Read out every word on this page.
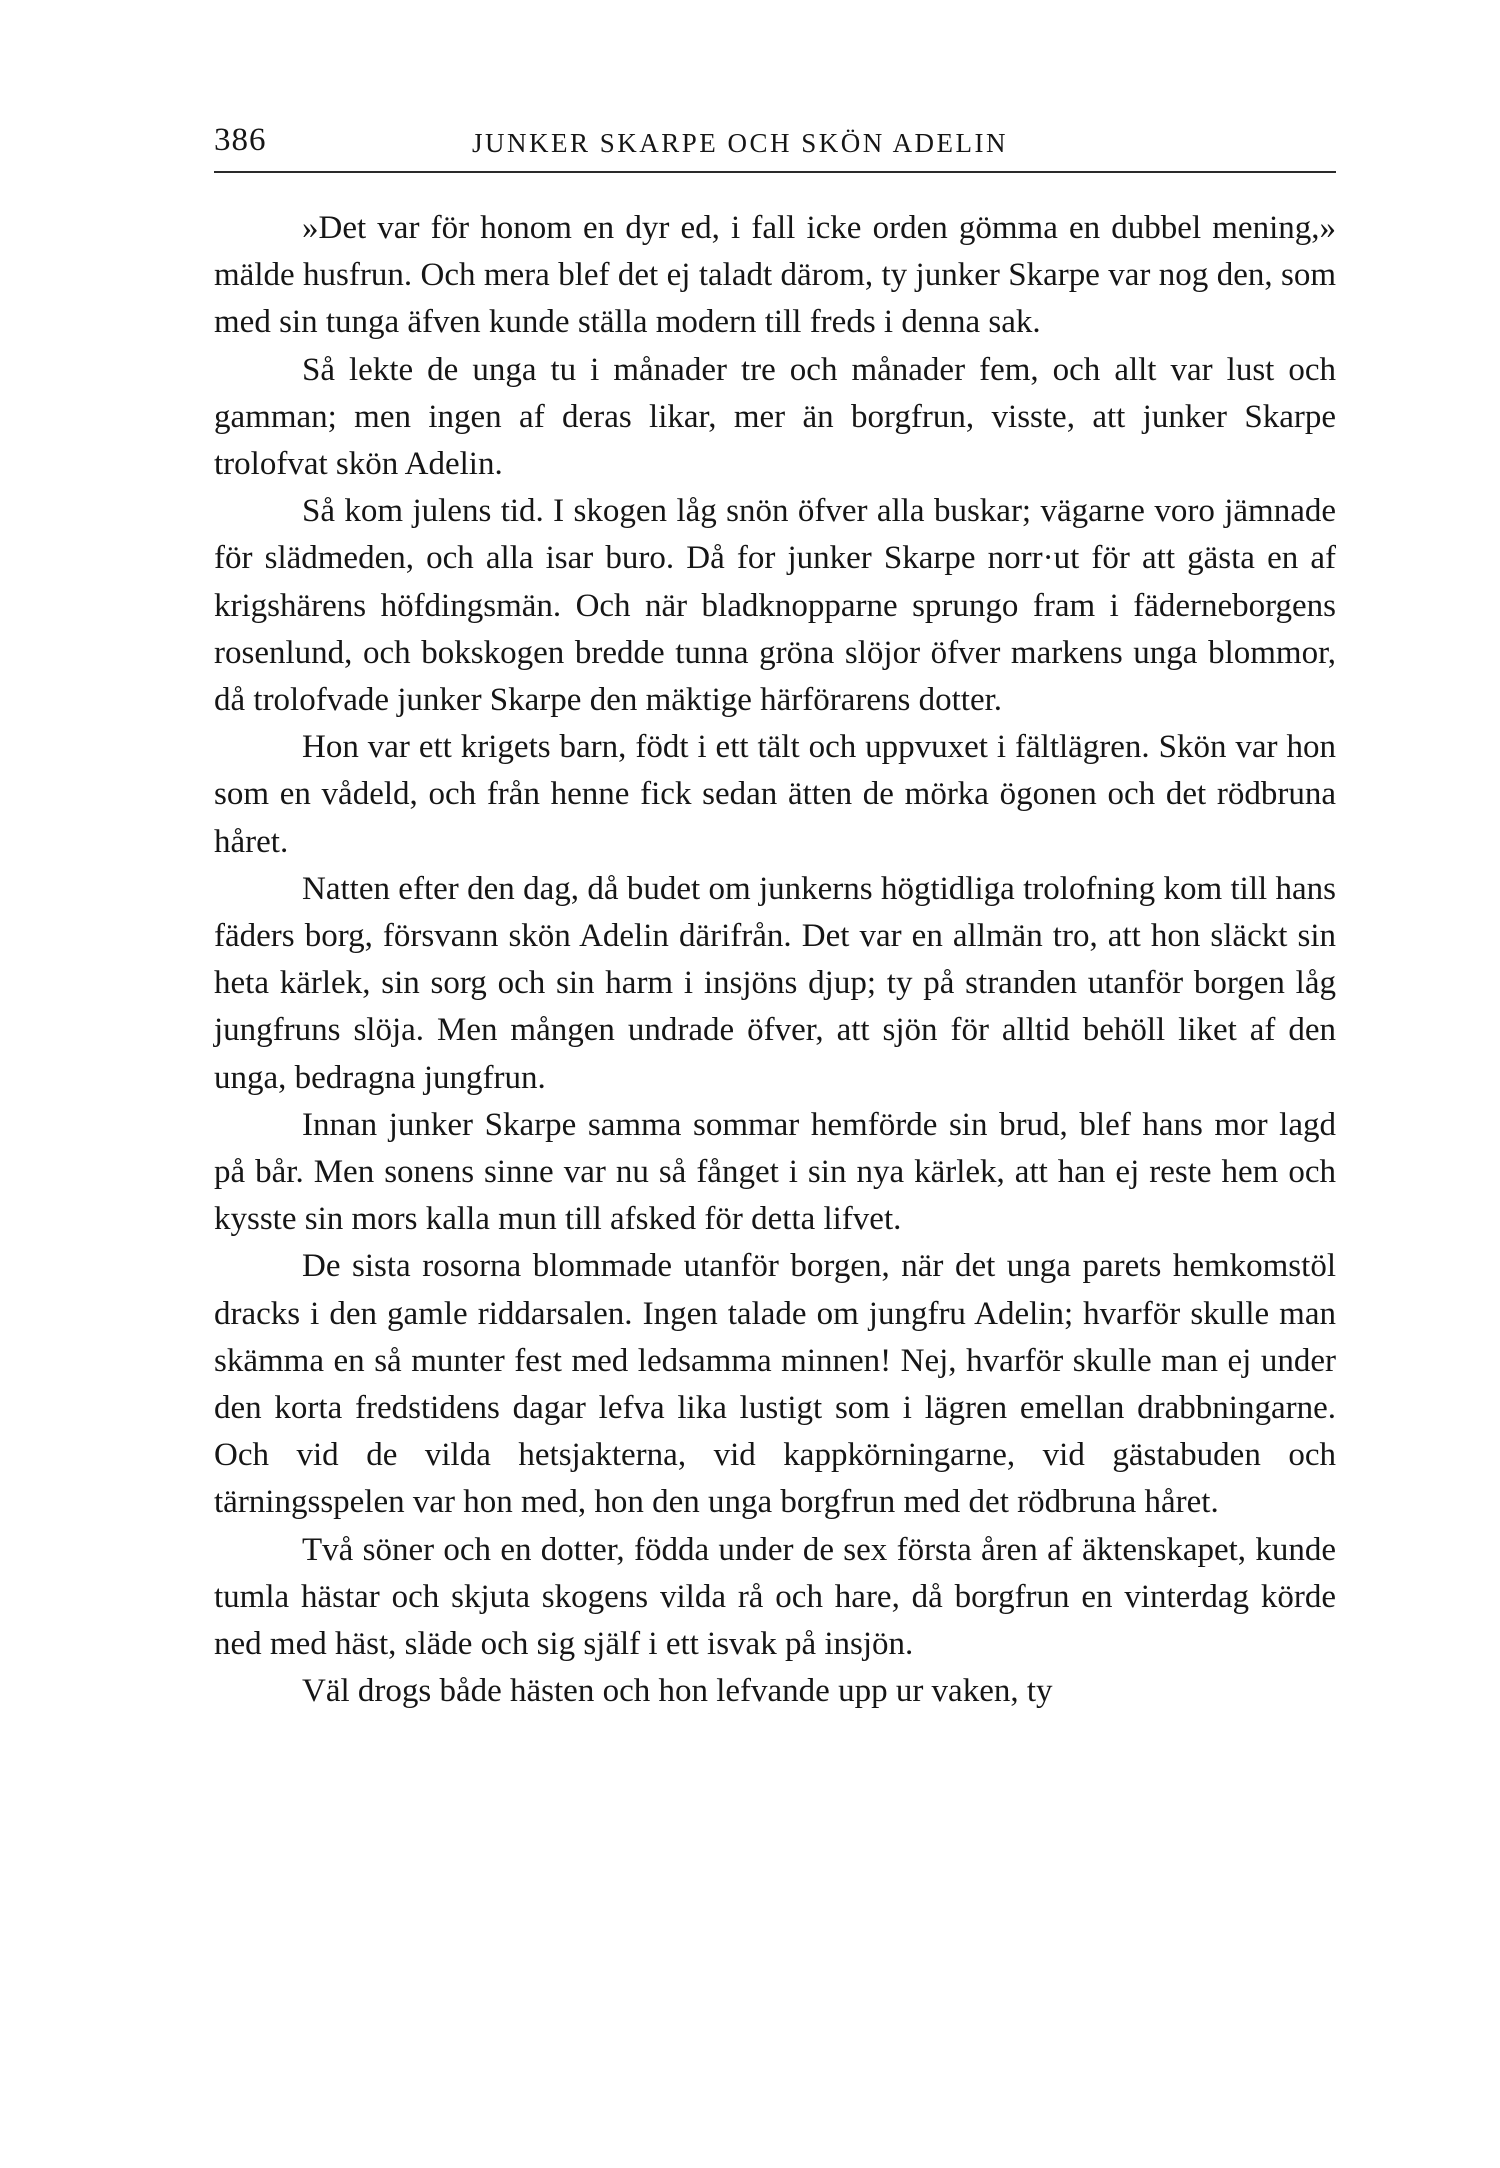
386	JUNKER SKARPE OCH SKÖN ADELIN

»Det var för honom en dyr ed, i fall icke orden gömma en dubbel mening,» mälde husfrun. Och mera blef det ej taladt därom, ty junker Skarpe var nog den, som med sin tunga äfven kunde ställa modern till freds i denna sak.

Så lekte de unga tu i månader tre och månader fem, och allt var lust och gamman; men ingen af deras likar, mer än borgfrun, visste, att junker Skarpe trolofvat skön Adelin.

Så kom julens tid. I skogen låg snön öfver alla buskar; vägarne voro jämnade för slädmeden, och alla isar buro. Då for junker Skarpe norr·ut för att gästa en af krigshärens höfdingsmän. Och när bladknopparne sprungo fram i fäderneborgens rosenlund, och bokskogen bredde tunna gröna slöjor öfver markens unga blommor, då trolofvade junker Skarpe den mäktige härförarens dotter.

Hon var ett krigets barn, födt i ett tält och uppvuxet i fältlägren. Skön var hon som en vådeld, och från henne fick sedan ätten de mörka ögonen och det rödbruna håret.

Natten efter den dag, då budet om junkerns högtidliga trolofning kom till hans fäders borg, försvann skön Adelin därifrån. Det var en allmän tro, att hon släckt sin heta kärlek, sin sorg och sin harm i insjöns djup; ty på stranden utanför borgen låg jungfruns slöja. Men mången undrade öfver, att sjön för alltid behöll liket af den unga, bedragna jungfrun.

Innan junker Skarpe samma sommar hemförde sin brud, blef hans mor lagd på bår. Men sonens sinne var nu så fånget i sin nya kärlek, att han ej reste hem och kysste sin mors kalla mun till afsked för detta lifvet.

De sista rosorna blommade utanför borgen, när det unga parets hemkomstöl dracks i den gamle riddarsalen. Ingen talade om jungfru Adelin; hvarför skulle man skämma en så munter fest med ledsamma minnen! Nej, hvarför skulle man ej under den korta fredstidens dagar lefva lika lustigt som i lägren emellan drabbningarne. Och vid de vilda hetsjakterna, vid kappkörningarne, vid gästabuden och tärningsspelen var hon med, hon den unga borgfrun med det rödbruna håret.

Två söner och en dotter, födda under de sex första åren af äktenskapet, kunde tumla hästar och skjuta skogens vilda rå och hare, då borgfrun en vinterdag körde ned med häst, släde och sig själf i ett isvak på insjön.

Väl drogs både hästen och hon lefvande upp ur vaken, ty
